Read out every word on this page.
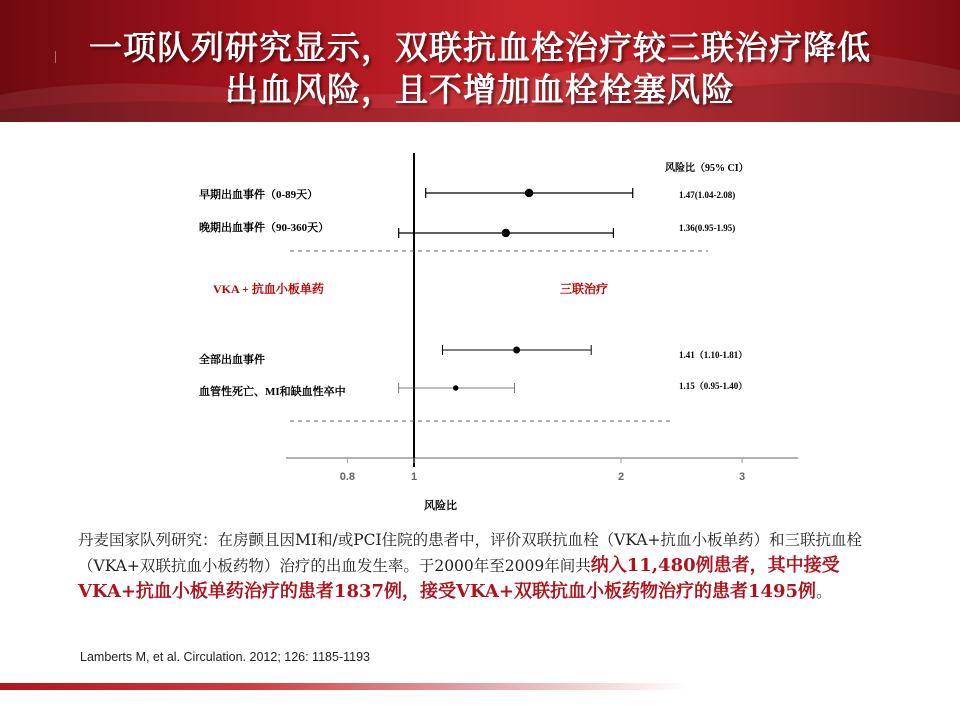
一项队列研究显示，双联抗血栓治疗较三联治疗降低
出血风险，且不增加血栓栓塞风险
0.8	1	2	3
早期出血事件（0-89天）	1.47(1.04-2.08)
晚期出血事件（90-360天）	1.36(0.95-1.95)
全部出血事件	1.41（1.10-1.81）
血管性死亡、MI和缺血性卒中	1.15（0.95-1.40）
风险比（95% CI）
VKA + 抗血小板单药	三联治疗
风险比
丹麦国家队列研究：在房颤且因MI和/或PCI住院的患者中，评价双联抗血栓（VKA+抗血小板单药）和三联抗血栓（VKA+双联抗血小板药物）治疗的出血发生率。于2000年至2009年间共纳入11,480例患者，其中接受VKA+抗血小板单药治疗的患者1837例，接受VKA+双联抗血小板药物治疗的患者1495例。
Lamberts M, et al. Circulation. 2012; 126: 1185-1193
